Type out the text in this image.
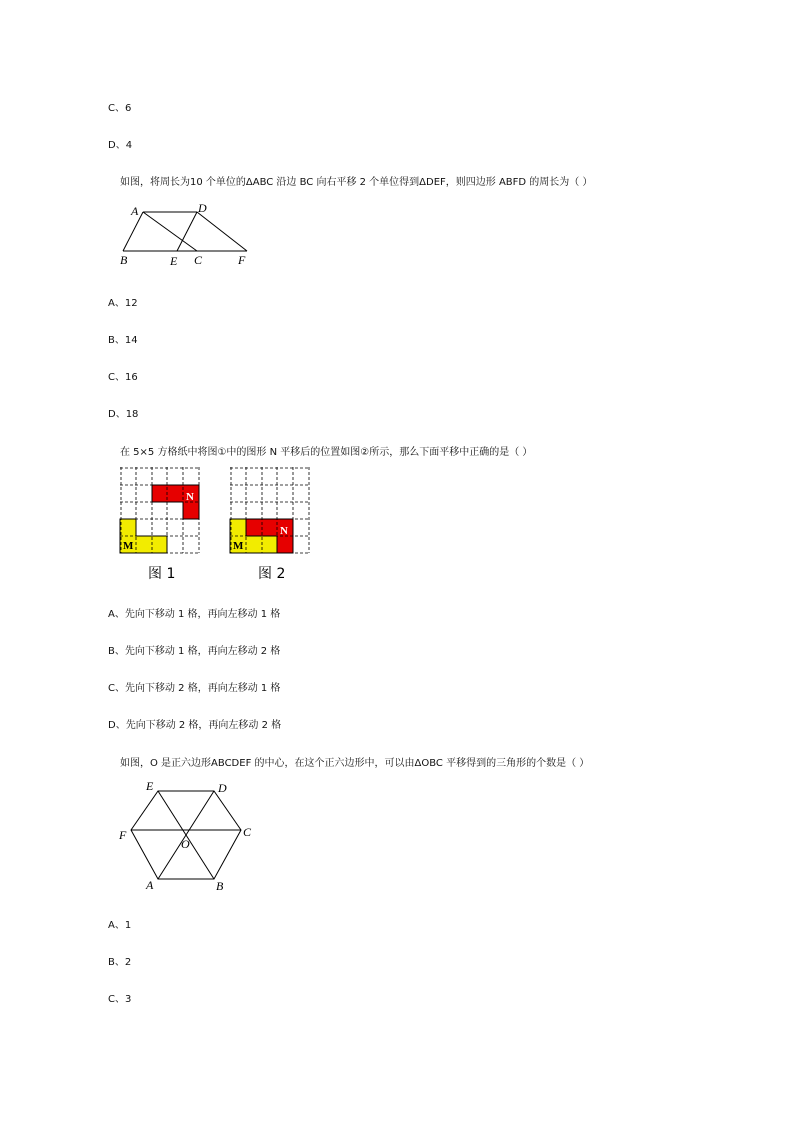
C、6
D、4
如图，将周长为10 个单位的ΔABC 沿边 BC 向右平移 2 个单位得到ΔDEF，则四边形 ABFD 的周长为（ ）
A、12
B、14
C、16
D、18
在 5×5 方格纸中将图①中的图形 N 平移后的位置如图②所示，那么下面平移中正确的是（ ）
A、先向下移动 1 格，再向左移动 1 格
B、先向下移动 1 格，再向左移动 2 格
C、先向下移动 2 格，再向左移动 1 格
D、先向下移动 2 格，再向左移动 2 格
如图，O 是正六边形ABCDEF 的中心，在这个正六边形中，可以由ΔOBC 平移得到的三角形的个数是（ ）
A、1
B、2
C、3
A	D
B	E C	F
N
M
图 1
N
M
图 2
E	D
F
O
C
A	B
